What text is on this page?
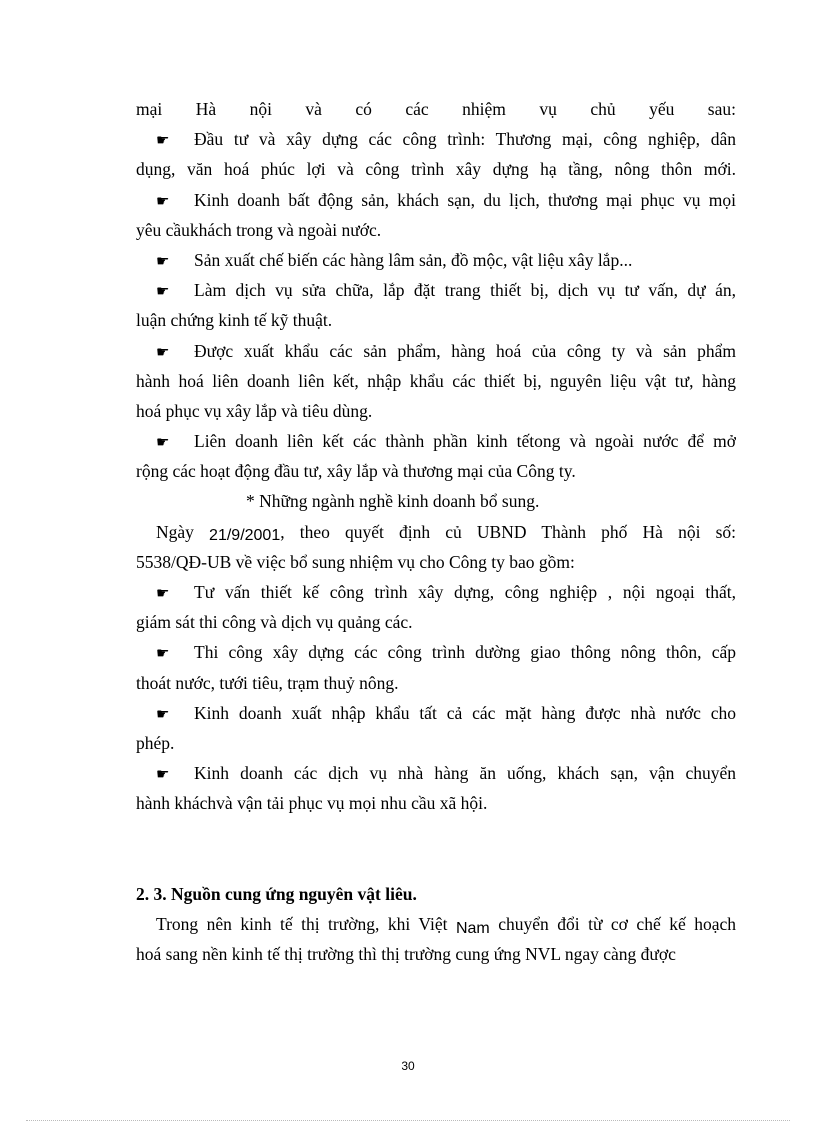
mại Hà nội và có các nhiệm vụ chủ yếu sau:
☛ Đầu tư và xây dựng các công trình: Thương mại, công nghiệp, dân
dụng, văn hoá phúc lợi và công trình xây dựng hạ tầng, nông thôn mới.
☛ Kinh doanh bất động sản, khách sạn, du lịch, thương mại phục vụ mọi
yêu cầukhách trong và ngoài nước.
☛ Sản xuất chế biến các hàng lâm sản, đồ mộc, vật liệu xây lắp...
☛ Làm dịch vụ sửa chữa, lắp đặt trang thiết bị, dịch vụ tư vấn, dự án,
luận chứng kinh tế kỹ thuật.
☛ Được xuất khẩu các sản phẩm, hàng hoá của công ty và sản phẩm
hành hoá liên doanh liên kết, nhập khẩu các thiết bị, nguyên liệu vật tư, hàng
hoá phục vụ xây lắp và tiêu dùng.
☛ Liên doanh liên kết các thành phần kinh tếtong và ngoài nước để mở
rộng các hoạt động đầu tư, xây lắp và thương mại của Công ty.
* Những ngành nghề kinh doanh bổ sung.
Ngày 21/9/2001, theo quyết định củ UBND Thành phố Hà nội số:
5538/QĐ-UB về việc bổ sung nhiệm vụ cho Công ty bao gồm:
☛ Tư vấn thiết kế công trình xây dựng, công nghiệp , nội ngoại thất,
giám sát thi công và dịch vụ quảng các.
☛ Thi công xây dựng các công trình dường giao thông nông thôn, cấp
thoát nước, tưới tiêu, trạm thuỷ nông.
☛ Kinh doanh xuất nhập khẩu tất cả các mặt hàng được nhà nước cho
phép.
☛ Kinh doanh các dịch vụ nhà hàng ăn uống, khách sạn, vận chuyển
hành kháchvà vận tải phục vụ mọi nhu cầu xã hội.
2. 3. Nguồn cung ứng nguyên vật liêu.
Trong nên kinh tế thị trường, khi Việt Nam chuyển đổi từ cơ chế kế hoạch
hoá sang nền kinh tế thị trường thì thị trường cung ứng NVL ngay càng được
30
